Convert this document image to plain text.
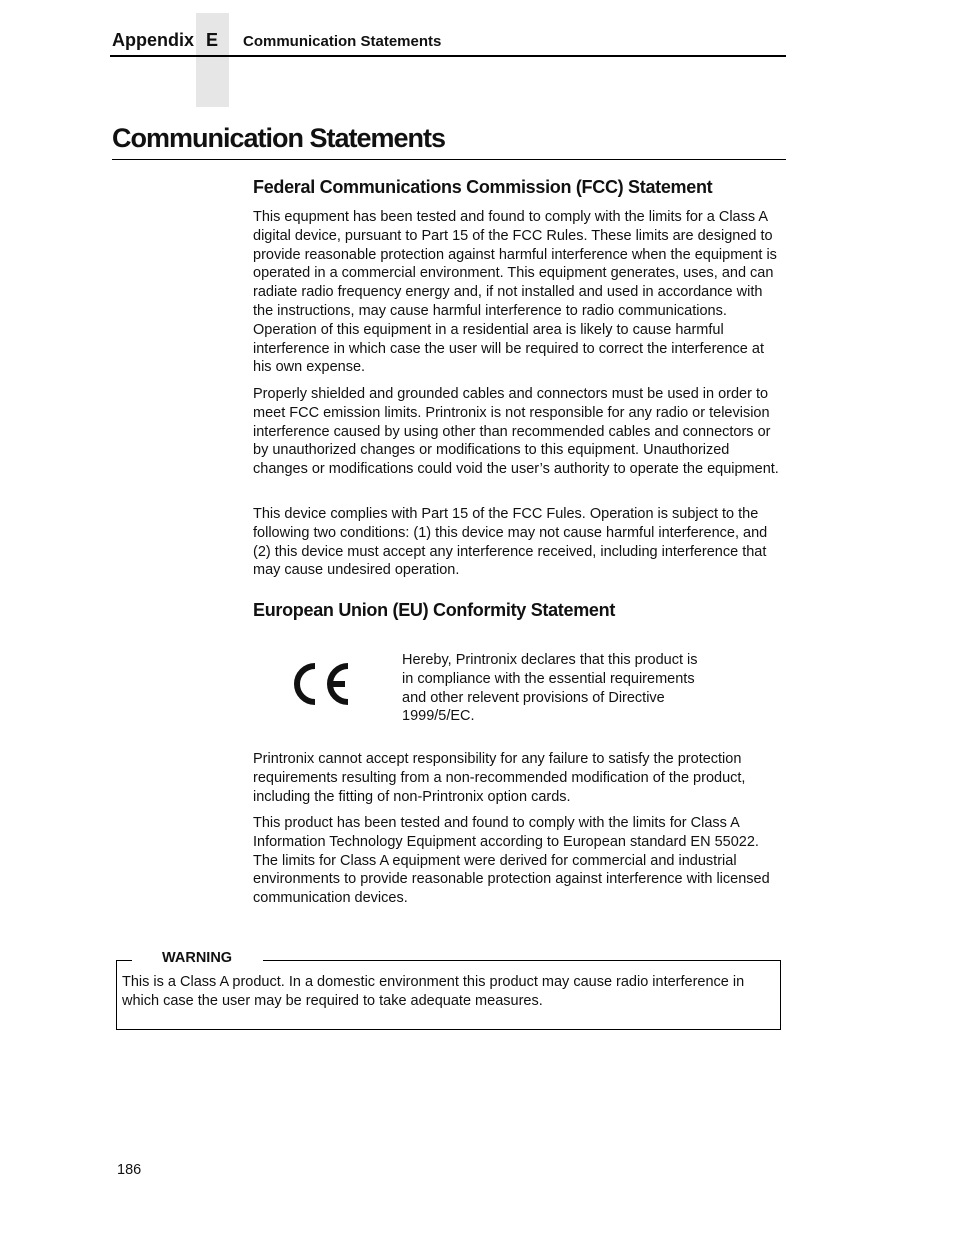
Appendix E Communication Statements
Communication Statements
Federal Communications Commission (FCC) Statement

This equpment has been tested and found to comply with the limits for a Class A digital device, pursuant to Part 15 of the FCC Rules. These limits are designed to provide reasonable protection against harmful interference when the equipment is operated in a commercial environment. This equipment generates, uses, and can radiate radio frequency energy and, if not installed and used in accordance with the instructions, may cause harmful interference to radio communications. Operation of this equipment in a residential area is likely to cause harmful interference in which case the user will be required to correct the interference at his own expense.

Properly shielded and grounded cables and connectors must be used in order to meet FCC emission limits. Printronix is not responsible for any radio or television interference caused by using other than recommended cables and connectors or by unauthorized changes or modifications to this equipment. Unauthorized changes or modifications could void the user’s authority to operate the equipment.

This device complies with Part 15 of the FCC Fules. Operation is subject to the following two conditions: (1) this device may not cause harmful interference, and (2) this device must accept any interference received, including interference that may cause undesired operation.

European Union (EU) Conformity Statement

Hereby, Printronix declares that this product is in compliance with the essential requirements and other relevent provisions of Directive 1999/5/EC.

Printronix cannot accept responsibility for any failure to satisfy the protection requirements resulting from a non-recommended modification of the product, including the fitting of non-Printronix option cards.

This product has been tested and found to comply with the limits for Class A Information Technology Equipment according to European standard EN 55022. The limits for Class A equipment were derived for commercial and industrial environments to provide reasonable protection against interference with licensed communication devices.

WARNING

This is a Class A product. In a domestic environment this product may cause radio interference in which case the user may be required to take adequate measures.

186
